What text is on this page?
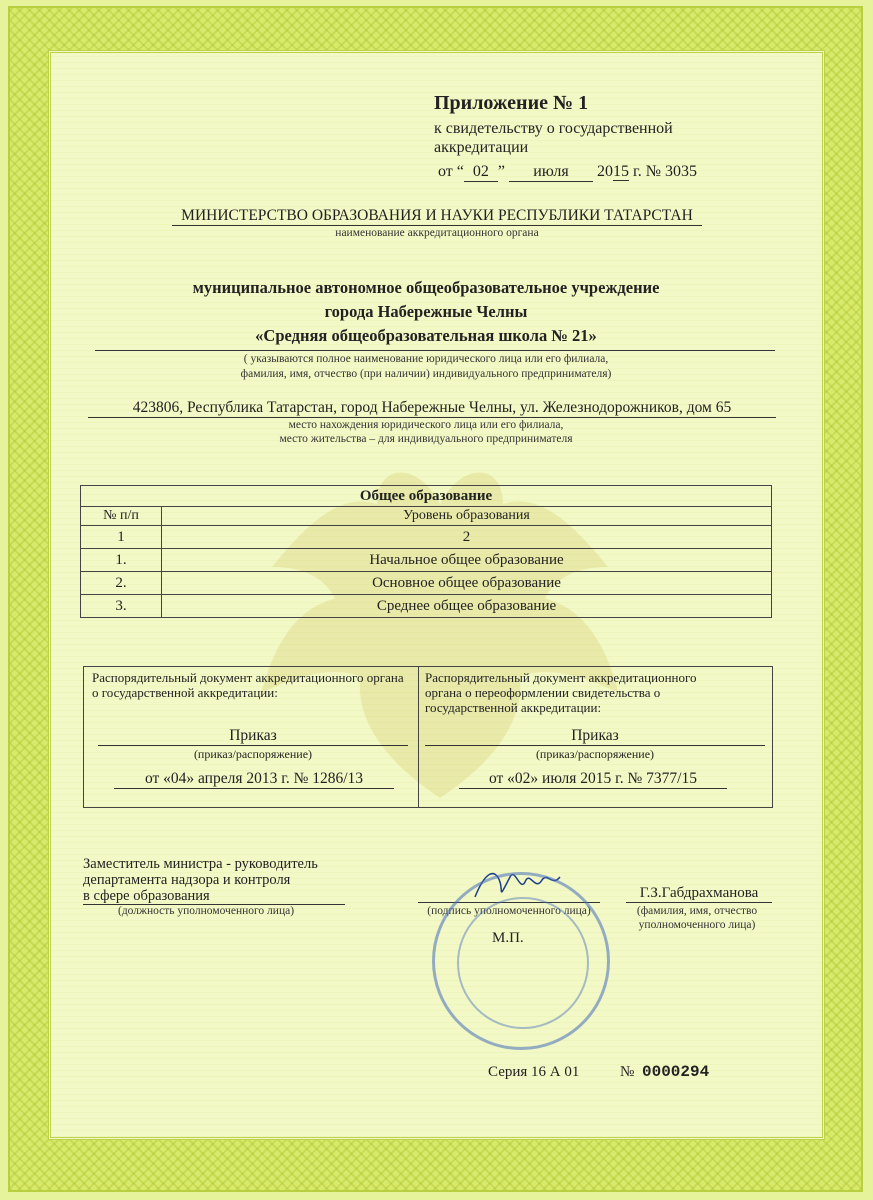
Приложение № 1
к свидетельству о государственной
аккредитации
от “ 02 ” июля 2015 г. № 3035
МИНИСТЕРСТВО ОБРАЗОВАНИЯ И НАУКИ РЕСПУБЛИКИ ТАТАРСТАН
наименование аккредитационного органа
муниципальное автономное общеобразовательное учреждение
города Набережные Челны
«Средняя общеобразовательная школа № 21»
( указываются полное наименование юридического лица или его филиала,
фамилия, имя, отчество (при наличии) индивидуального предпринимателя)
423806, Республика Татарстан, город Набережные Челны, ул. Железнодорожников, дом 65
место нахождения юридического лица или его филиала,
место жительства – для индивидуального предпринимателя
Общее образование	
№ п/п	Уровень образования
1	2
1.	Начальное общее образование
2.	Основное общее образование
3.	Среднее общее образование
Распорядительный документ аккредитационного органа о государственной аккредитации:
Приказ
(приказ/распоряжение)
от «04» апреля 2013 г. № 1286/13
Распорядительный документ аккредитационного органа о переоформлении свидетельства о государственной аккредитации:
Приказ
(приказ/распоряжение)
от «02» июля 2015 г. № 7377/15
Заместитель министра - руководитель
департамента надзора и контроля
в сфере образования
(должность уполномоченного лица)	(подпись уполномоченного лица)
Г.З.Габдрахманова
(фамилия, имя, отчество
уполномоченного лица)
М.П.
Серия 16 А 01	№ 0000294
